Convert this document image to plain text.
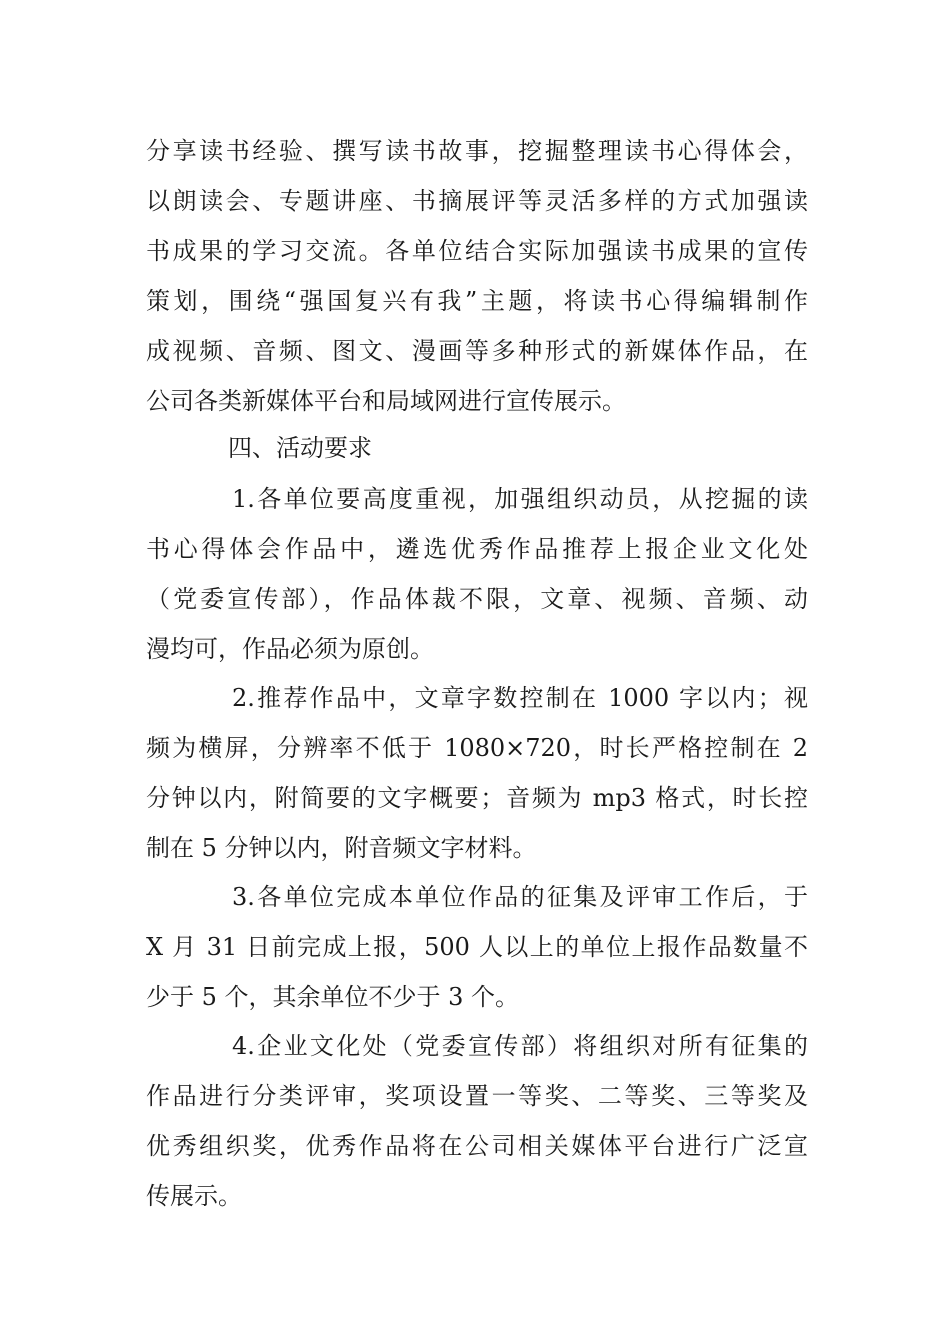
分享读书经验、撰写读书故事，挖掘整理读书心得体会，
以朗读会、专题讲座、书摘展评等灵活多样的方式加强读
书成果的学习交流。各单位结合实际加强读书成果的宣传
策划，围绕“强国复兴有我”主题，将读书心得编辑制作
成视频、音频、图文、漫画等多种形式的新媒体作品，在
公司各类新媒体平台和局域网进行宣传展示。
四、活动要求
1.各单位要高度重视，加强组织动员，从挖掘的读
书心得体会作品中，遴选优秀作品推荐上报企业文化处
（党委宣传部），作品体裁不限，文章、视频、音频、动
漫均可，作品必须为原创。
2.推荐作品中，文章字数控制在 1000 字以内；视
频为横屏，分辨率不低于 1080×720，时长严格控制在 2
分钟以内，附简要的文字概要；音频为 mp3 格式，时长控
制在 5 分钟以内，附音频文字材料。
3.各单位完成本单位作品的征集及评审工作后，于
X 月 31 日前完成上报，500 人以上的单位上报作品数量不
少于 5 个，其余单位不少于 3 个。
4.企业文化处（党委宣传部）将组织对所有征集的
作品进行分类评审，奖项设置一等奖、二等奖、三等奖及
优秀组织奖，优秀作品将在公司相关媒体平台进行广泛宣
传展示。
